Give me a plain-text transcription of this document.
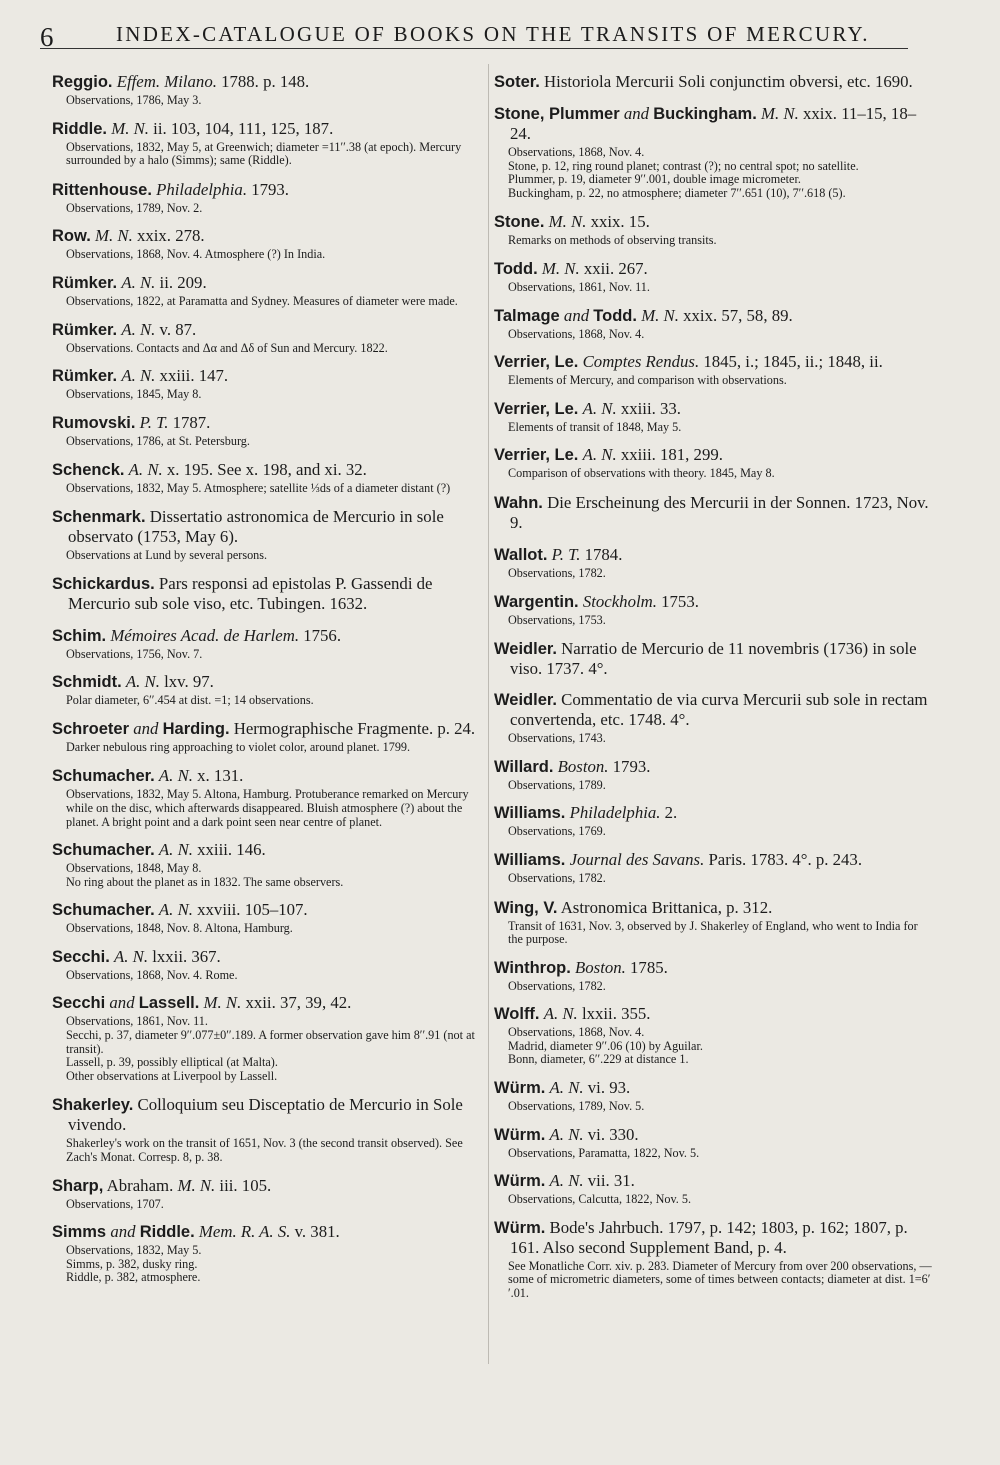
6	INDEX-CATALOGUE OF BOOKS ON THE TRANSITS OF MERCURY.
Reggio. Effem. Milano. 1788. p. 148.
Observations, 1786, May 3.
Riddle. M. N. ii. 103, 104, 111, 125, 187.
Observations, 1832, May 5, at Greenwich; diameter =11′′.38 (at epoch). Mercury surrounded by a halo (Simms); same (Riddle).
Rittenhouse. Philadelphia. 1793.
Observations, 1789, Nov. 2.
Row. M. N. xxix. 278.
Observations, 1868, Nov. 4. Atmosphere (?) In India.
Rümker. A. N. ii. 209.
Observations, 1822, at Paramatta and Sydney. Measures of diameter were made.
Rümker. A. N. v. 87.
Observations. Contacts and Δα and Δδ of Sun and Mercury. 1822.
Rümker. A. N. xxiii. 147.
Observations, 1845, May 8.
Rumovski. P. T. 1787.
Observations, 1786, at St. Petersburg.
Schenck. A. N. x. 195. See x. 198, and xi. 32.
Observations, 1832, May 5. Atmosphere; satellite ⅓ds of a diameter distant (?)
Schenmark. Dissertatio astronomica de Mercurio in sole observato (1753, May 6).
Observations at Lund by several persons.
Schickardus. Pars responsi ad epistolas P. Gassendi de Mercurio sub sole viso, etc. Tubingen. 1632.
Schim. Mémoires Acad. de Harlem. 1756.
Observations, 1756, Nov. 7.
Schmidt. A. N. lxv. 97.
Polar diameter, 6′′.454 at dist. =1; 14 observations.
Schroeter and Harding. Hermographische Fragmente. p. 24.
Darker nebulous ring approaching to violet color, around planet. 1799.
Schumacher. A. N. x. 131.
Observations, 1832, May 5. Altona, Hamburg. Protuberance remarked on Mercury while on the disc, which afterwards disappeared. Bluish atmosphere (?) about the planet. A bright point and a dark point seen near centre of planet.
Schumacher. A. N. xxiii. 146.
Observations, 1848, May 8.
No ring about the planet as in 1832. The same observers.
Schumacher. A. N. xxviii. 105–107.
Observations, 1848, Nov. 8. Altona, Hamburg.
Secchi. A. N. lxxii. 367.
Observations, 1868, Nov. 4. Rome.
Secchi and Lassell. M. N. xxii. 37, 39, 42.
Observations, 1861, Nov. 11.
Secchi, p. 37, diameter 9′′.077±0′′.189. A former observation gave him 8′′.91 (not at transit).
Lassell, p. 39, possibly elliptical (at Malta).
Other observations at Liverpool by Lassell.
Shakerley. Colloquium seu Disceptatio de Mercurio in Sole vivendo.
Shakerley's work on the transit of 1651, Nov. 3 (the second transit observed). See Zach's Monat. Corresp. 8, p. 38.
Sharp, Abraham. M. N. iii. 105.
Observations, 1707.
Simms and Riddle. Mem. R. A. S. v. 381.
Observations, 1832, May 5.
Simms, p. 382, dusky ring.
Riddle, p. 382, atmosphere.
Soter. Historiola Mercurii Soli conjunctim obversi, etc. 1690.
Stone, Plummer and Buckingham. M. N. xxix. 11–15, 18–24.
Observations, 1868, Nov. 4.
Stone, p. 12, ring round planet; contrast (?); no central spot; no satellite.
Plummer, p. 19, diameter 9′′.001, double image micrometer.
Buckingham, p. 22, no atmosphere; diameter 7′′.651 (10), 7′′.618 (5).
Stone. M. N. xxix. 15.
Remarks on methods of observing transits.
Todd. M. N. xxii. 267.
Observations, 1861, Nov. 11.
Talmage and Todd. M. N. xxix. 57, 58, 89.
Observations, 1868, Nov. 4.
Verrier, Le. Comptes Rendus. 1845, i.; 1845, ii.; 1848, ii.
Elements of Mercury, and comparison with observations.
Verrier, Le. A. N. xxiii. 33.
Elements of transit of 1848, May 5.
Verrier, Le. A. N. xxiii. 181, 299.
Comparison of observations with theory. 1845, May 8.
Wahn. Die Erscheinung des Mercurii in der Sonnen. 1723, Nov. 9.
Wallot. P. T. 1784.
Observations, 1782.
Wargentin. Stockholm. 1753.
Observations, 1753.
Weidler. Narratio de Mercurio de 11 novembris (1736) in sole viso. 1737. 4°.
Weidler. Commentatio de via curva Mercurii sub sole in rectam convertenda, etc. 1748. 4°.
Observations, 1743.
Willard. Boston. 1793.
Observations, 1789.
Williams. Philadelphia. 2.
Observations, 1769.
Williams. Journal des Savans. Paris. 1783. 4°. p. 243.
Observations, 1782.
Wing, V. Astronomica Brittanica, p. 312.
Transit of 1631, Nov. 3, observed by J. Shakerley of England, who went to India for the purpose.
Winthrop. Boston. 1785.
Observations, 1782.
Wolff. A. N. lxxii. 355.
Observations, 1868, Nov. 4.
Madrid, diameter 9′′.06 (10) by Aguilar.
Bonn, diameter, 6′′.229 at distance 1.
Würm. A. N. vi. 93.
Observations, 1789, Nov. 5.
Würm. A. N. vi. 330.
Observations, Paramatta, 1822, Nov. 5.
Würm. A. N. vii. 31.
Observations, Calcutta, 1822, Nov. 5.
Würm. Bode's Jahrbuch. 1797, p. 142; 1803, p. 162; 1807, p. 161. Also second Supplement Band, p. 4.
See Monatliche Corr. xiv. p. 283. Diameter of Mercury from over 200 observations, — some of micrometric diameters, some of times between contacts; diameter at dist. 1=6′′.01.
